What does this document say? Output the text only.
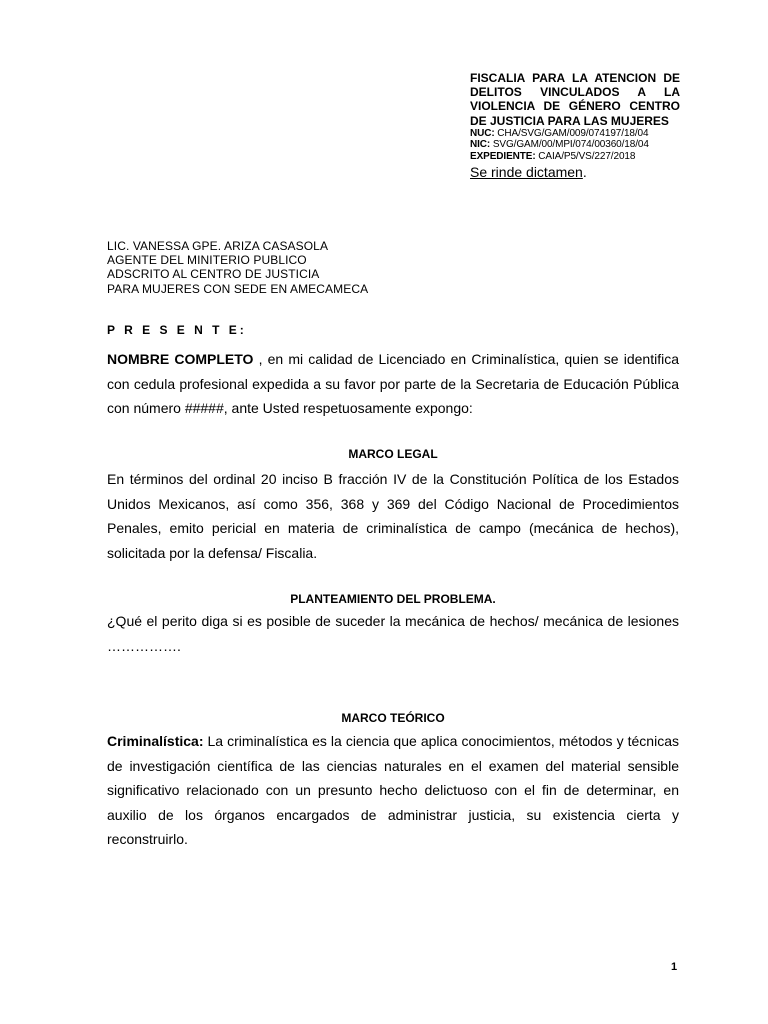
FISCALIA PARA LA ATENCION DE DELITOS VINCULADOS A LA VIOLENCIA DE GÉNERO CENTRO DE JUSTICIA PARA LAS MUJERES

NUC: CHA/SVG/GAM/009/074197/18/04
NIC: SVG/GAM/00/MPI/074/00360/18/04
EXPEDIENTE: CAIA/P5/VS/227/2018
Se rinde dictamen.
LIC. VANESSA GPE. ARIZA CASASOLA
AGENTE DEL MINITERIO PUBLICO
ADSCRITO AL CENTRO DE JUSTICIA
PARA MUJERES CON SEDE EN AMECAMECA
P R E S E N T E:

NOMBRE COMPLETO , en mi calidad de Licenciado en Criminalística, quien se identifica con cedula profesional expedida a su favor por parte de la Secretaria de Educación Pública con número #####, ante Usted respetuosamente expongo:

MARCO LEGAL

En términos del ordinal 20 inciso B fracción IV de la Constitución Política de los Estados Unidos Mexicanos, así como 356, 368 y 369 del Código Nacional de Procedimientos Penales, emito pericial en materia de criminalística de campo (mecánica de hechos), solicitada por la defensa/ Fiscalia.

PLANTEAMIENTO DEL PROBLEMA.

¿Qué el perito diga si es posible de suceder la mecánica de hechos/ mecánica de lesiones …………….

MARCO TEÓRICO

Criminalística: La criminalística es la ciencia que aplica conocimientos, métodos y técnicas de investigación científica de las ciencias naturales en el examen del material sensible significativo relacionado con un presunto hecho delictuoso con el fin de determinar, en auxilio de los órganos encargados de administrar justicia, su existencia cierta y reconstruirlo.

1
